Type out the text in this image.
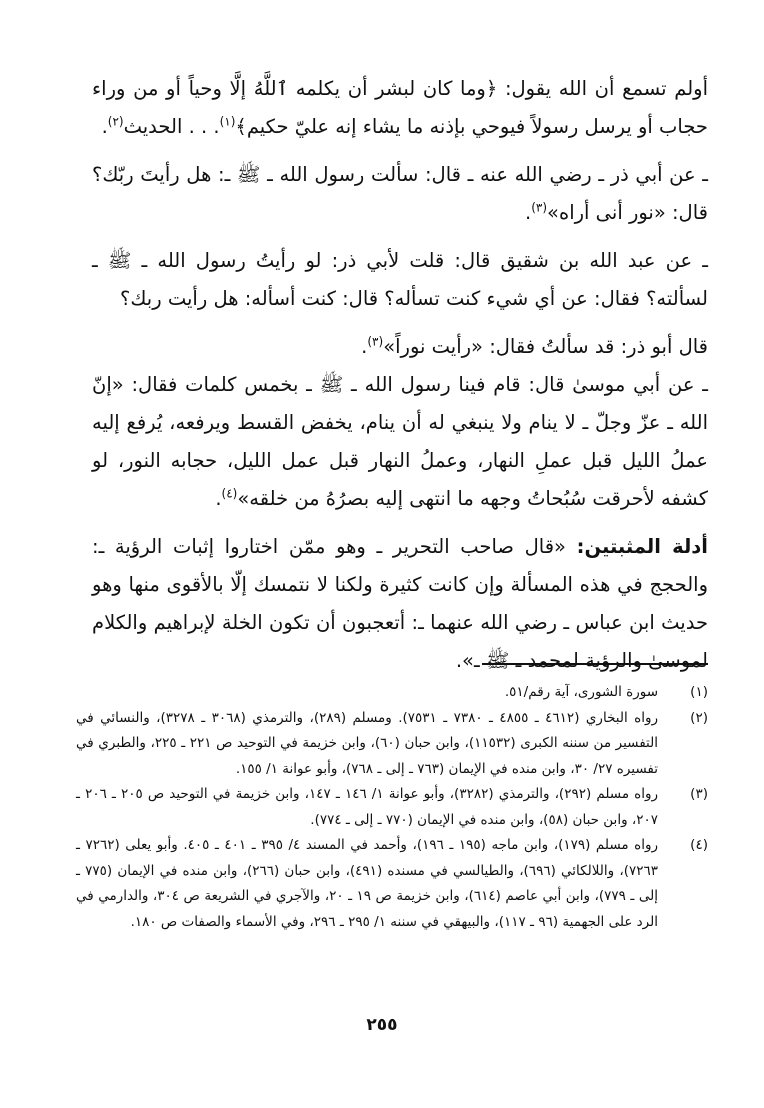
أولم تسمع أن الله يقول: ﴿وما كان لبشر أن يكلمه ٱللَّهُ إلَّا وحياً أو من وراء حجاب أو يرسل رسولاً فيوحي بإذنه ما يشاء إنه عليّ حكيم﴾$^{(١)}$. . . الحديث$^{(٢)}$.

ـ عن أبي ذر ـ رضي الله عنه ـ قال: سألت رسول الله ـ ﷺ ـ: هل رأيتَ ربّك؟ قال: «نور أنى أراه»$^{(٣)}$.

ـ عن عبد الله بن شقيق قال: قلت لأبي ذر: لو رأيتُ رسول الله ـ ﷺ ـ لسألته؟ فقال: عن أي شيء كنت تسأله؟ قال: كنت أسأله: هل رأيت ربك؟

قال أبو ذر: قد سألتُ فقال: «رأيت نوراً»$^{(٣)}$.

ـ عن أبي موسىٰ قال: قام فينا رسول الله ـ ﷺ ـ بخمس كلمات فقال: «إنّ الله ـ عزّ وجلّ ـ لا ينام ولا ينبغي له أن ينام، يخفض القسط ويرفعه، يُرفع إليه عملُ الليل قبل عملِ النهار، وعملُ النهار قبل عمل الليل، حجابه النور، لو كشفه لأحرقت سُبُحاتُ وجهه ما انتهى إليه بصرُهُ من خلقه»$^{(٤)}$.

أدلة المثبتين: «قال صاحب التحرير ـ وهو ممّن اختاروا إثبات الرؤية ـ: والحجج في هذه المسألة وإن كانت كثيرة ولكنا لا نتمسك إلّا بالأقوى منها وهو حديث ابن عباس ـ رضي الله عنهما ـ: أتعجبون أن تكون الخلة لإبراهيم والكلام لموسىٰ والرؤية لمحمد ـ ﷺ ـ».

(١)
سورة الشورى، آية رقم/٥١.
(٢)
رواه البخاري (٤٦١٢ ـ ٤٨٥٥ ـ ٧٣٨٠ ـ ٧٥٣١). ومسلم (٢٨٩)، والترمذي (٣٠٦٨ ـ ٣٢٧٨)، والنسائي في التفسير من سننه الكبرى (١١٥٣٢)، وابن حبان (٦٠)، وابن خزيمة في التوحيد ص ٢٢١ ـ ٢٢٥، والطبري في تفسيره ٢٧/ ٣٠، وابن منده في الإيمان (٧٦٣ ـ إلى ـ ٧٦٨)، وأبو عوانة ١/ ١٥٥.
(٣)
رواه مسلم (٢٩٢)، والترمذي (٣٢٨٢)، وأبو عوانة ١/ ١٤٦ ـ ١٤٧، وابن خزيمة في التوحيد ص ٢٠٥ ـ ٢٠٦ ـ ٢٠٧، وابن حبان (٥٨)، وابن منده في الإيمان (٧٧٠ ـ إلى ـ ٧٧٤).
(٤)
رواه مسلم (١٧٩)، وابن ماجه (١٩٥ ـ ١٩٦)، وأحمد في المسند ٤/ ٣٩٥ ـ ٤٠١ ـ ٤٠٥. وأبو يعلى (٧٢٦٢ ـ ٧٢٦٣)، واللالكائي (٦٩٦)، والطيالسي في مسنده (٤٩١)، وابن حبان (٢٦٦)، وابن منده في الإيمان (٧٧٥ ـ إلى ـ ٧٧٩)، وابن أبي عاصم (٦١٤)، وابن خزيمة ص ١٩ ـ ٢٠، والآجري في الشريعة ص ٣٠٤، والدارمي في الرد على الجهمية (٩٦ ـ ١١٧)، والبيهقي في سننه ١/ ٢٩٥ ـ ٢٩٦، وفي الأسماء والصفات ص ١٨٠.
٢٥٥
